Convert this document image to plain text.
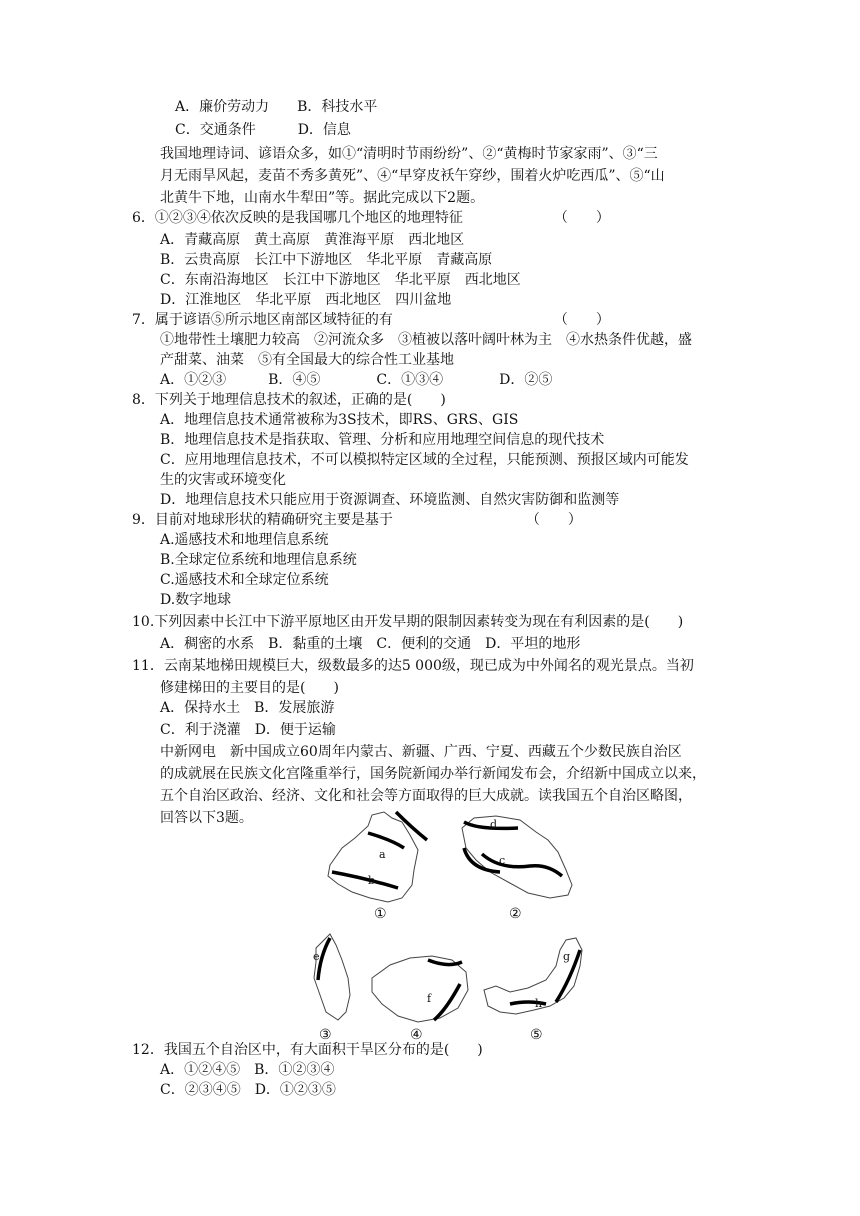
A．廉价劳动力　　B．科技水平
C．交通条件　　　D．信息
我国地理诗词、谚语众多，如①“清明时节雨纷纷”、②“黄梅时节家家雨”、③“三
月无雨旱风起，麦苗不秀多黄死”、④“早穿皮袄午穿纱，围着火炉吃西瓜”、⑤“山
北黄牛下地，山南水牛犁田”等。据此完成以下2题。
6．①②③④依次反映的是我国哪几个地区的地理特征　　　　　　　（　　）
A．青藏高原　黄土高原　黄淮海平原　西北地区
B．云贵高原　长江中下游地区　华北平原　青藏高原
C．东南沿海地区　长江中下游地区　华北平原　西北地区
D．江淮地区　华北平原　西北地区　四川盆地
7．属于谚语⑤所示地区南部区域特征的有　　　　　　　　　　　　（　　）
①地带性土壤肥力较高　②河流众多　③植被以落叶阔叶林为主　④水热条件优越，盛
产甜菜、油菜　⑤有全国最大的综合性工业基地
A．①②③　　　B．④⑤　　　　C．①③④　　　　D．②⑤
8．下列关于地理信息技术的叙述，正确的是(　　)
A．地理信息技术通常被称为3S技术，即RS、GRS、GIS
B．地理信息技术是指获取、管理、分析和应用地理空间信息的现代技术
C．应用地理信息技术，不可以模拟特定区域的全过程，只能预测、预报区域内可能发
生的灾害或环境变化
D．地理信息技术只能应用于资源调查、环境监测、自然灾害防御和监测等
9．目前对地球形状的精确研究主要是基于　　　　　　　　　　（　　）
A.遥感技术和地理信息系统
B.全球定位系统和地理信息系统
C.遥感技术和全球定位系统
D.数字地球
10.下列因素中长江中下游平原地区由开发早期的限制因素转变为现在有利因素的是(　　)
A．稠密的水系　B．黏重的土壤　C．便利的交通　D．平坦的地形
11．云南某地梯田规模巨大，级数最多的达5 000级，现已成为中外闻名的观光景点。当初
修建梯田的主要目的是(　　)
A．保持水土　B．发展旅游
C．利于浇灌　D．便于运输
中新网电　新中国成立60周年内蒙古、新疆、广西、宁夏、西藏五个少数民族自治区
的成就展在民族文化宫隆重举行，国务院新闻办举行新闻发布会，介绍新中国成立以来，
五个自治区政治、经济、文化和社会等方面取得的巨大成就。读我国五个自治区略图，
回答以下3题。
12．我国五个自治区中，有大面积干旱区分布的是(　　)
A．①②④⑤　B．①②③④
C．②③④⑤　D．①②③⑤
a
b
c
d
e
f
g
h
①	②
③	④	⑤
